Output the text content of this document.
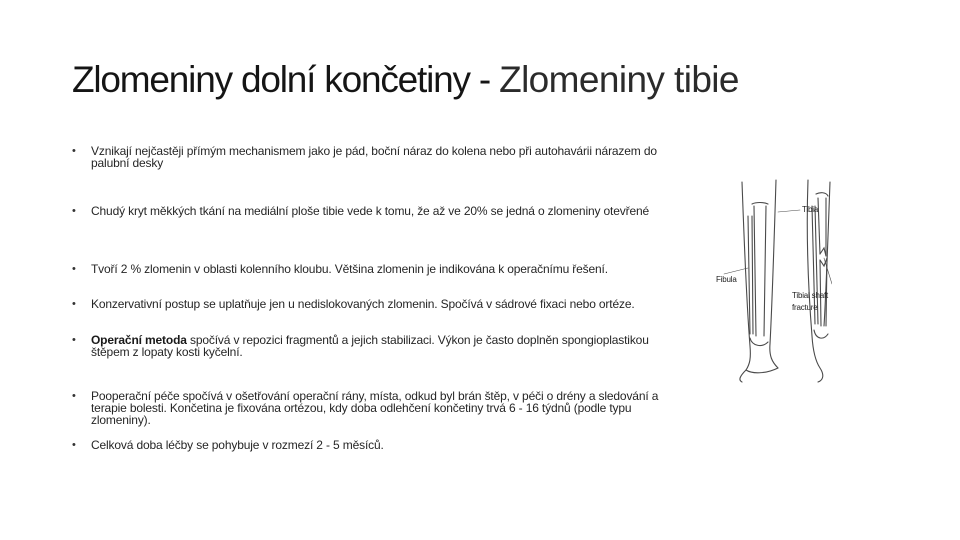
Zlomeniny dolní končetiny - Zlomeniny tibie
• Vznikají nejčastěji přímým mechanismem jako je pád, boční náraz do kolena nebo při autohavárii nárazem do palubní desky
• Chudý kryt měkkých tkání na mediální ploše tibie vede k tomu, že až ve 20% se jedná o zlomeniny otevřené
• Tvoří 2 % zlomenin v oblasti kolenního kloubu. Většina zlomenin je indikována k operačnímu řešení.
• Konzervativní postup se uplatňuje jen u nedislokovaných zlomenin. Spočívá v sádrové fixaci nebo ortéze.
• Operační metoda spočívá v repozici fragmentů a jejich stabilizaci. Výkon je často doplněn spongioplastikou štěpem z lopaty kosti kyčelní.
• Pooperační péče spočívá v ošetřování operační rány, místa, odkud byl brán štěp, v péči o drény a sledování a terapie bolesti. Končetina je fixována ortézou, kdy doba odlehčení končetiny trvá 6 - 16 týdnů (podle typu zlomeniny).
• Celková doba léčby se pohybuje v rozmezí 2 - 5 měsíců.
Tibia
Fibula
Tibial shaft
fracture
